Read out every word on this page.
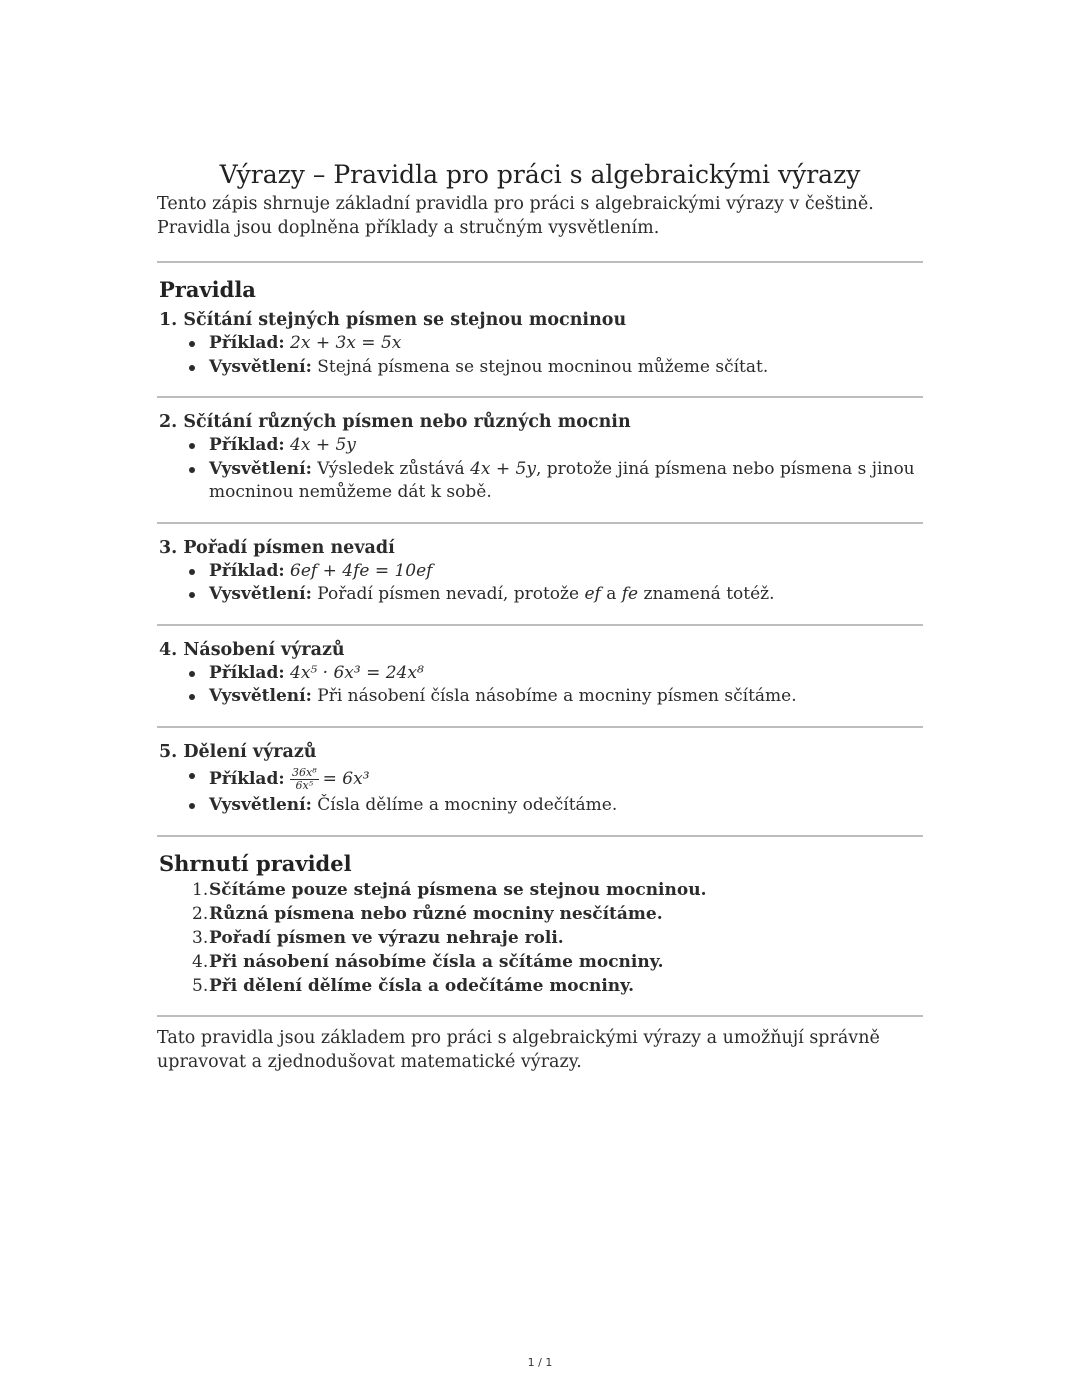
Výrazy – Pravidla pro práci s algebraickými výrazy

Tento zápis shrnuje základní pravidla pro práci s algebraickými výrazy v češtině. Pravidla jsou doplněna příklady a stručným vysvětlením.

Pravidla

1. Sčítání stejných písmen se stejnou mocninou

Příklad: 2x + 3x = 5x
Vysvětlení: Stejná písmena se stejnou mocninou můžeme sčítat.

2. Sčítání různých písmen nebo různých mocnin

Příklad: 4x + 5y
Vysvětlení: Výsledek zůstává 4x + 5y, protože jiná písmena nebo písmena s jinou mocninou nemůžeme dát k sobě.

3. Pořadí písmen nevadí

Příklad: 6ef + 4fe = 10ef
Vysvětlení: Pořadí písmen nevadí, protože ef a fe znamená totéž.

4. Násobení výrazů

Příklad: 4x⁵ · 6x³ = 24x⁸
Vysvětlení: Při násobení čísla násobíme a mocniny písmen sčítáme.

5. Dělení výrazů

Příklad: $\frac{\text{36x⁸}}{\text{6x⁵}} = 6x^3$
Vysvětlení: Čísla dělíme a mocniny odečítáme.
Shrnutí pravidel
1. Sčítáme pouze stejná písmena se stejnou mocninou.
2. Různá písmena nebo různé mocniny nesčítáme.
3. Pořadí písmen ve výrazu nehraje roli.
4. Při násobení násobíme čísla a sčítáme mocniny.
5. Při dělení dělíme čísla a odečítáme mocniny.

Tato pravidla jsou základem pro práci s algebraickými výrazy a umožňují správně upravovat a zjednodušovat matematické výrazy.

1 / 1
